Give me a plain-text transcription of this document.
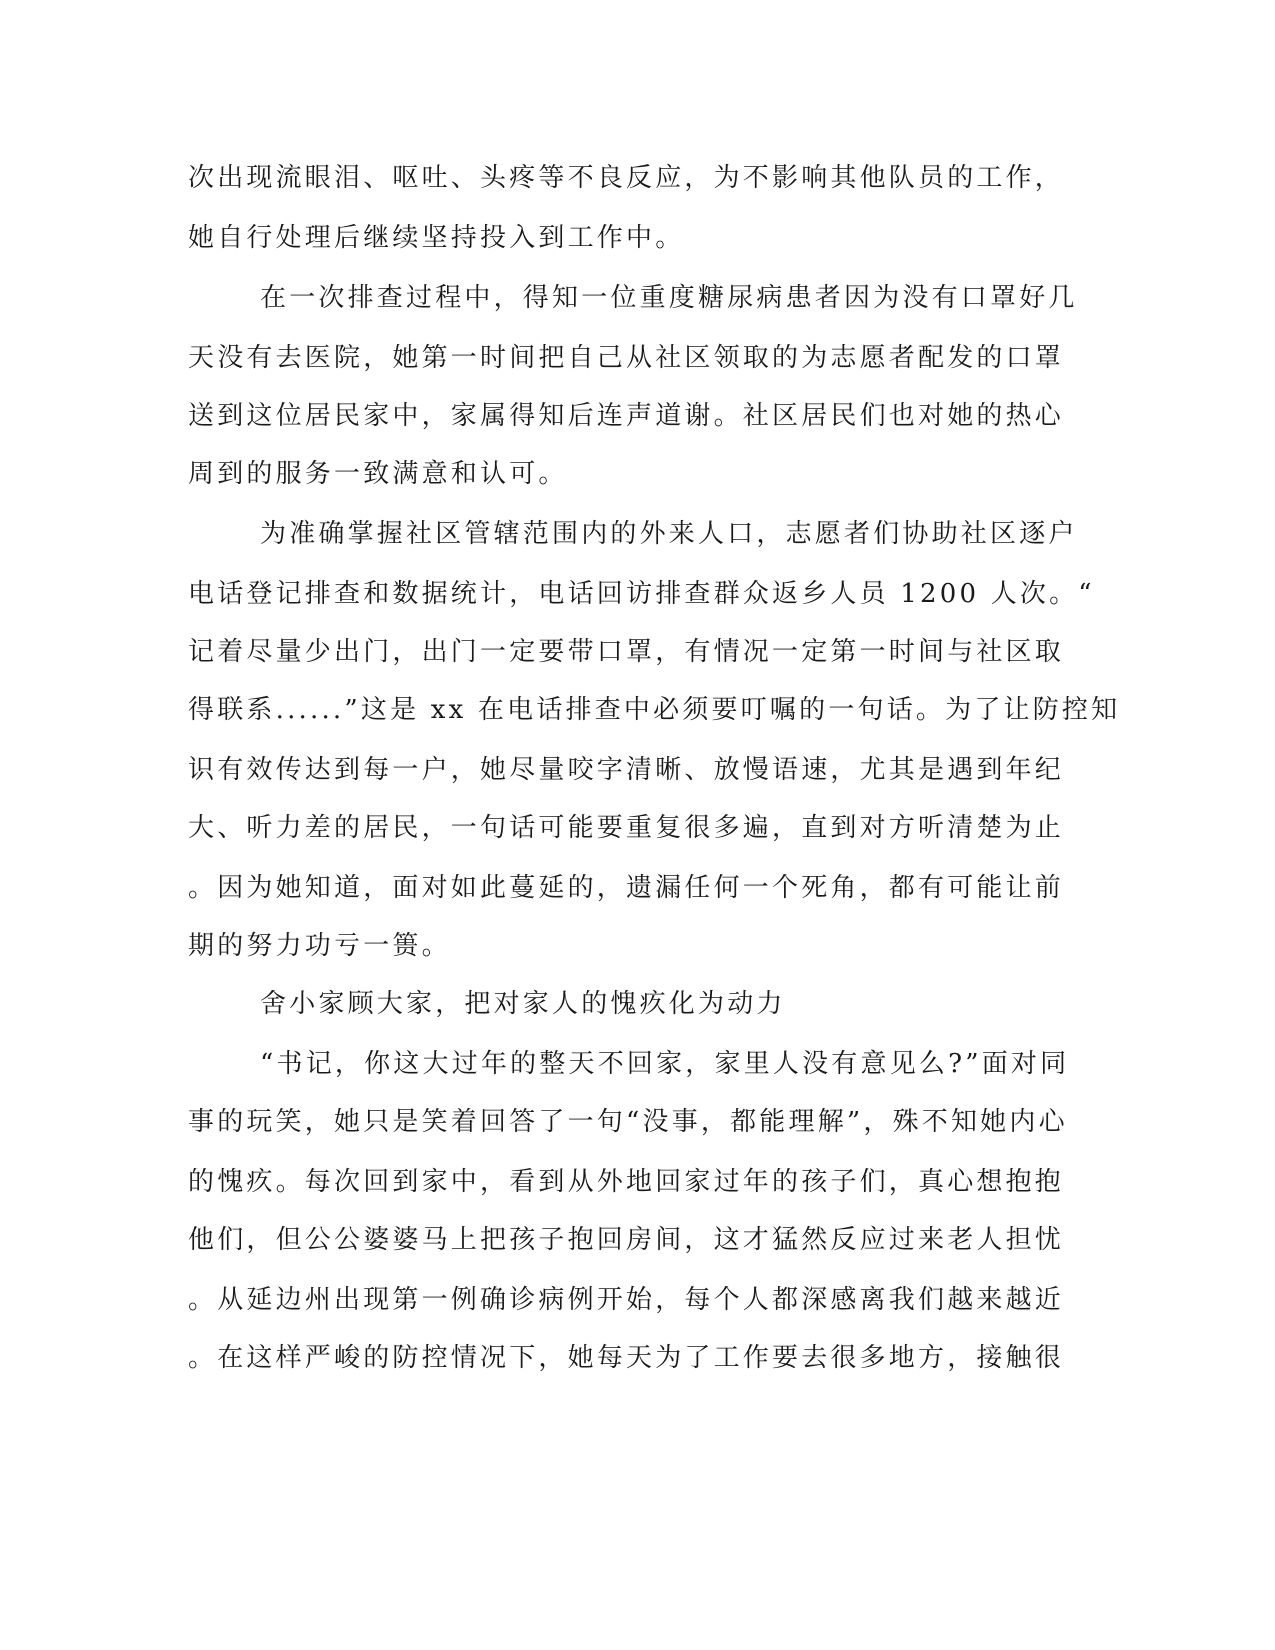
次出现流眼泪、呕吐、头疼等不良反应，为不影响其他队员的工作，
她自行处理后继续坚持投入到工作中。
在一次排查过程中，得知一位重度糖尿病患者因为没有口罩好几
天没有去医院，她第一时间把自己从社区领取的为志愿者配发的口罩
送到这位居民家中，家属得知后连声道谢。社区居民们也对她的热心
周到的服务一致满意和认可。
为准确掌握社区管辖范围内的外来人口，志愿者们协助社区逐户
电话登记排查和数据统计，电话回访排查群众返乡人员 1200 人次。“
记着尽量少出门，出门一定要带口罩，有情况一定第一时间与社区取
得联系......”这是 xx 在电话排查中必须要叮嘱的一句话。为了让防控知
识有效传达到每一户，她尽量咬字清晰、放慢语速，尤其是遇到年纪
大、听力差的居民，一句话可能要重复很多遍，直到对方听清楚为止
。因为她知道，面对如此蔓延的，遗漏任何一个死角，都有可能让前
期的努力功亏一篑。
舍小家顾大家，把对家人的愧疚化为动力
“书记，你这大过年的整天不回家，家里人没有意见么?”面对同
事的玩笑，她只是笑着回答了一句“没事，都能理解”，殊不知她内心
的愧疚。每次回到家中，看到从外地回家过年的孩子们，真心想抱抱
他们，但公公婆婆马上把孩子抱回房间，这才猛然反应过来老人担忧
。从延边州出现第一例确诊病例开始，每个人都深感离我们越来越近
。在这样严峻的防控情况下，她每天为了工作要去很多地方，接触很
